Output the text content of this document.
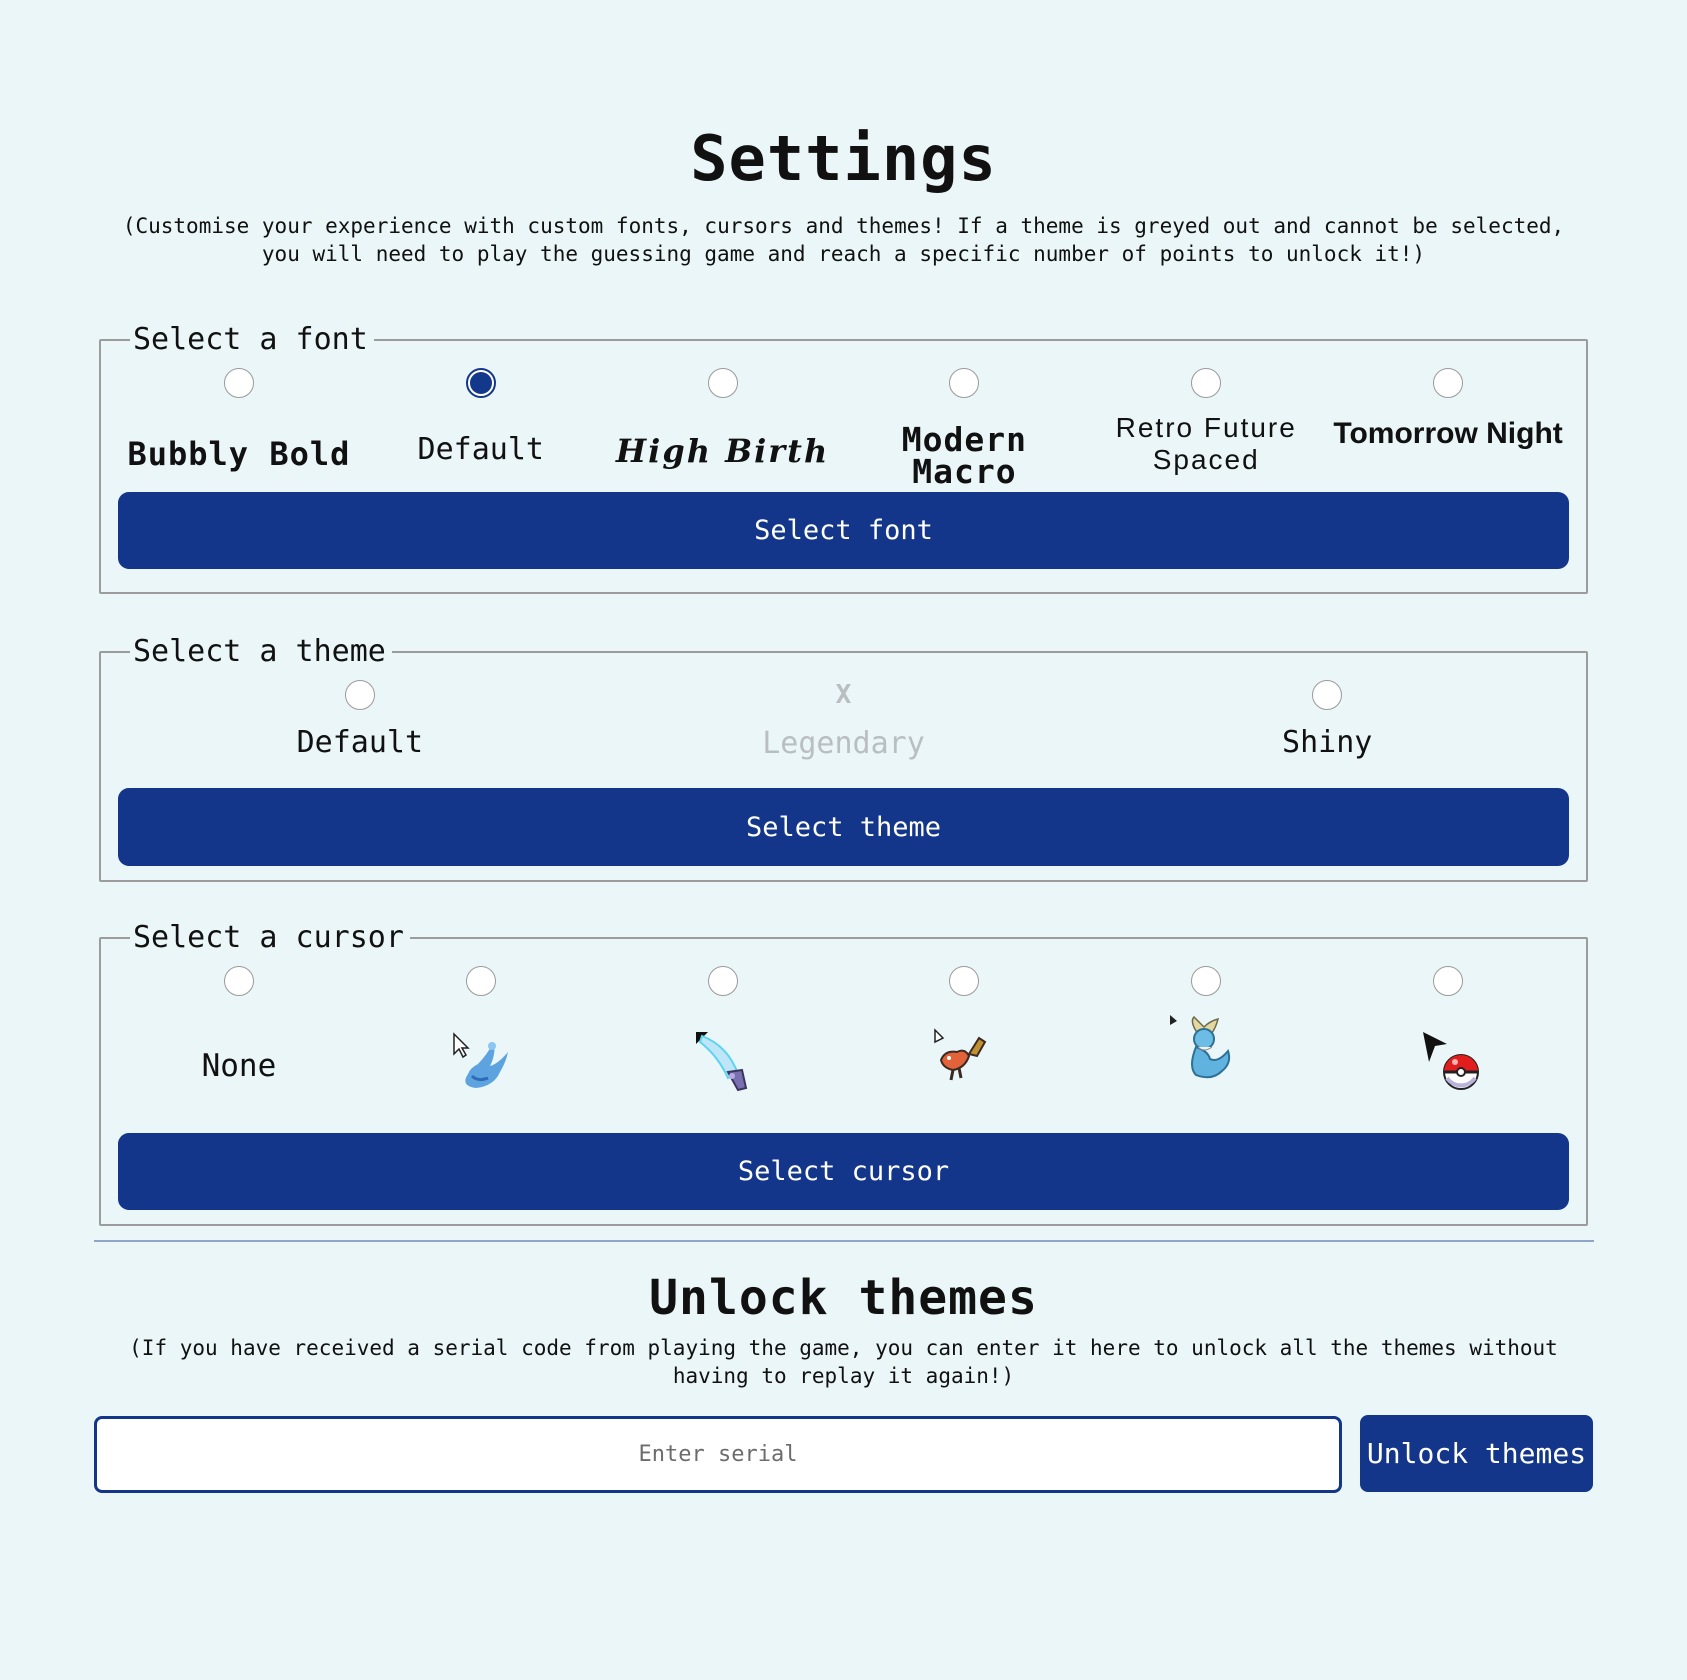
Settings

(Customise your experience with custom fonts, cursors and themes! If a theme is greyed out and cannot be selected, you will need to play the guessing game and reach a specific number of points to unlock it!)

Select a font
Bubbly Bold	Default	High Birth	Modern Macro
Retro Future Spaced
Tomorrow Night
Select font
Select a theme
Default
X
Legendary	Shiny
Select theme
Select a cursor
None
Select cursor
Unlock themes

(If you have received a serial code from playing the game, you can enter it here to unlock all the themes without having to replay it again!)

Enter serial
Unlock themes
